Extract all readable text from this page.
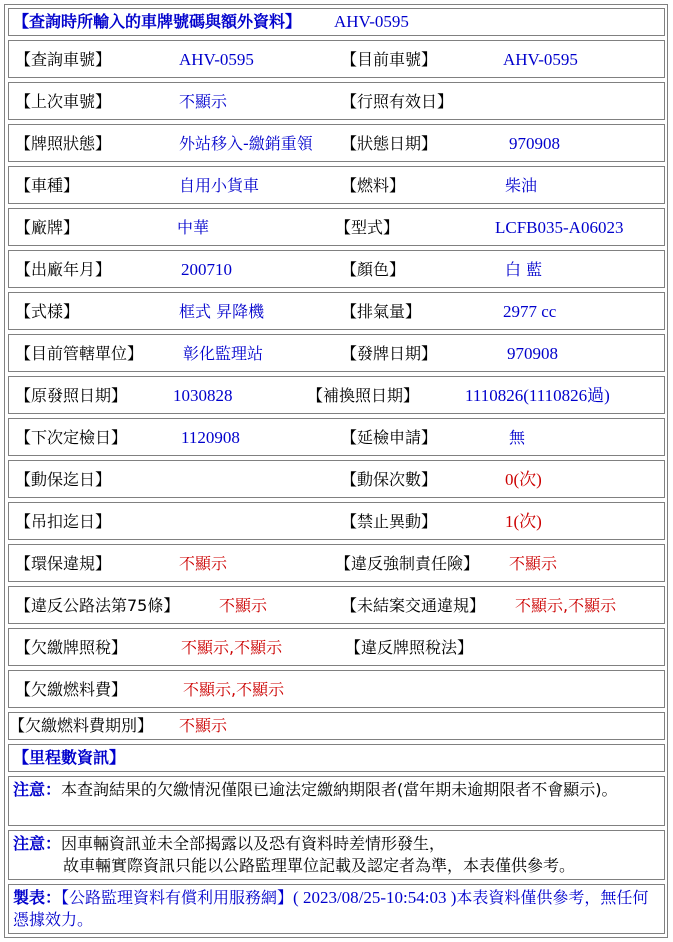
【查詢時所輸入的車牌號碼與額外資料】 AHV-0595
【查詢車號】	AHV-0595	【目前車號】	AHV-0595
【上次車號】	不顯示	【行照有效日】
【牌照狀態】	外站移入-繳銷重領 【狀態日期】	970908
【車種】	自用小貨車	【燃料】	柴油
【廠牌】	中華	【型式】	LCFB035-A06023
【出廠年月】	200710	【顏色】	白 藍
【式樣】	框式 昇降機	【排氣量】	2977 cc
【目前管轄單位】 彰化監理站	【發牌日期】	970908
【原發照日期】	1030828	【補換照日期】	1110826(1110826過)
【下次定檢日】	1120908	【延檢申請】	無
【動保迄日】	【動保次數】	0(次)
【吊扣迄日】	【禁止異動】	1(次)
【環保違規】	不顯示	【違反強制責任險】 不顯示
【違反公路法第75條】 不顯示	【未結案交通違規】 不顯示,不顯示
【欠繳牌照稅】	不顯示,不顯示	【違反牌照稅法】
【欠繳燃料費】	不顯示,不顯示
【欠繳燃料費期別】 不顯示
【里程數資訊】
注意：本查詢結果的欠繳情況僅限已逾法定繳納期限者(當年期未逾期限者不會顯示)。
注意：因車輛資訊並未全部揭露以及恐有資料時差情形發生，
故車輛實際資訊只能以公路監理單位記載及認定者為準，本表僅供參考。
製表：【公路監理資料有償利用服務網】( 2023/08/25-10:54:03 )本表資料僅供參考，無任何憑據效力。
